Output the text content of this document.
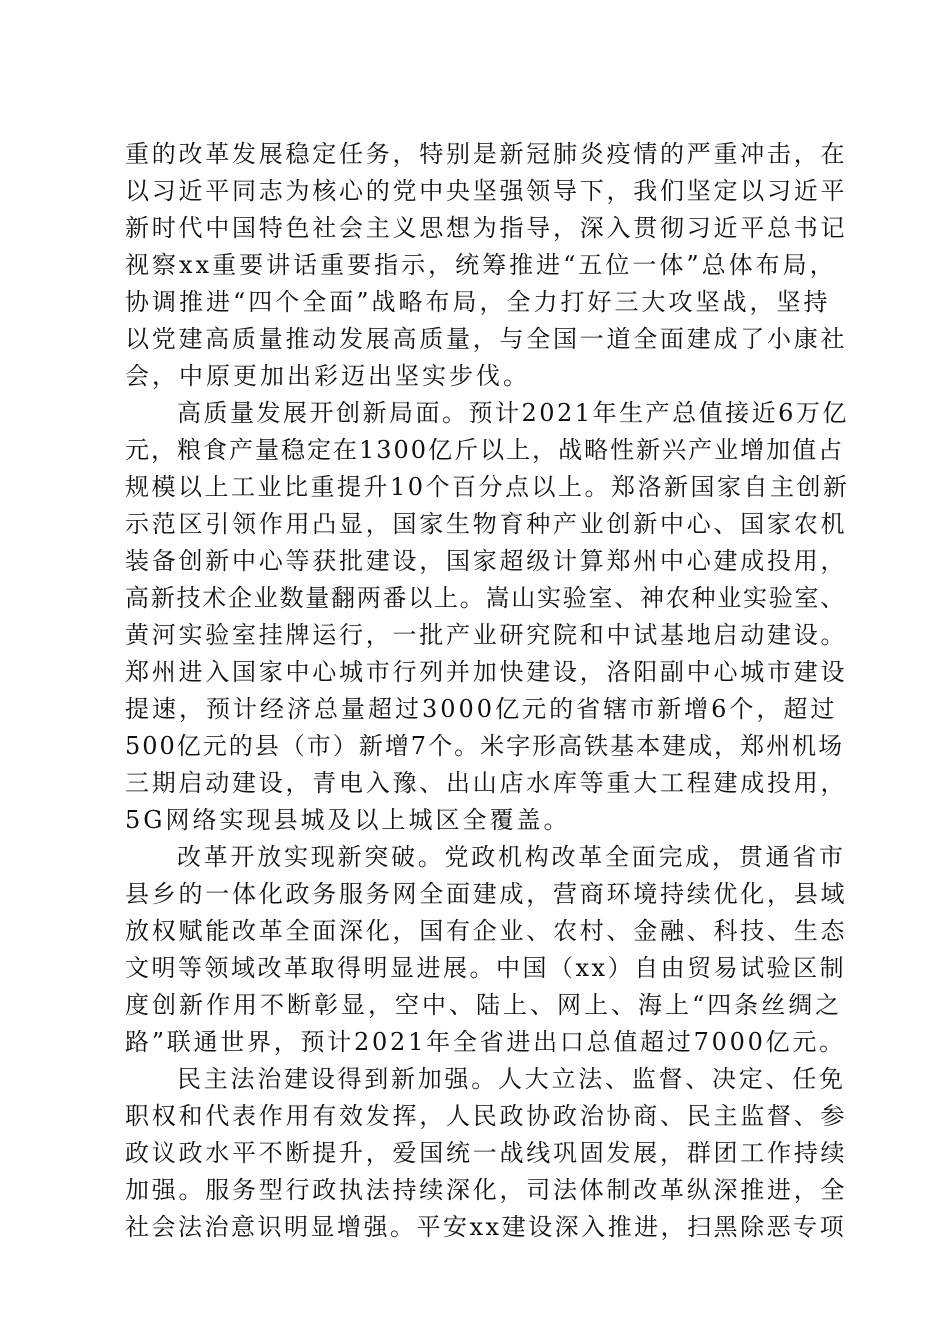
重的改革发展稳定任务，特别是新冠肺炎疫情的严重冲击，在
以习近平同志为核心的党中央坚强领导下，我们坚定以习近平
新时代中国特色社会主义思想为指导，深入贯彻习近平总书记
视察xx重要讲话重要指示，统筹推进“五位一体”总体布局，
协调推进“四个全面”战略布局，全力打好三大攻坚战，坚持
以党建高质量推动发展高质量，与全国一道全面建成了小康社
会，中原更加出彩迈出坚实步伐。
高质量发展开创新局面。预计2021年生产总值接近6万亿
元，粮食产量稳定在1300亿斤以上，战略性新兴产业增加值占
规模以上工业比重提升10个百分点以上。郑洛新国家自主创新
示范区引领作用凸显，国家生物育种产业创新中心、国家农机
装备创新中心等获批建设，国家超级计算郑州中心建成投用，
高新技术企业数量翻两番以上。嵩山实验室、神农种业实验室、
黄河实验室挂牌运行，一批产业研究院和中试基地启动建设。
郑州进入国家中心城市行列并加快建设，洛阳副中心城市建设
提速，预计经济总量超过3000亿元的省辖市新增6个，超过
500亿元的县（市）新增7个。米字形高铁基本建成，郑州机场
三期启动建设，青电入豫、出山店水库等重大工程建成投用，
5G网络实现县城及以上城区全覆盖。
改革开放实现新突破。党政机构改革全面完成，贯通省市
县乡的一体化政务服务网全面建成，营商环境持续优化，县域
放权赋能改革全面深化，国有企业、农村、金融、科技、生态
文明等领域改革取得明显进展。中国（xx）自由贸易试验区制
度创新作用不断彰显，空中、陆上、网上、海上“四条丝绸之
路”联通世界，预计2021年全省进出口总值超过7000亿元。
民主法治建设得到新加强。人大立法、监督、决定、任免
职权和代表作用有效发挥，人民政协政治协商、民主监督、参
政议政水平不断提升，爱国统一战线巩固发展，群团工作持续
加强。服务型行政执法持续深化，司法体制改革纵深推进，全
社会法治意识明显增强。平安xx建设深入推进，扫黑除恶专项
